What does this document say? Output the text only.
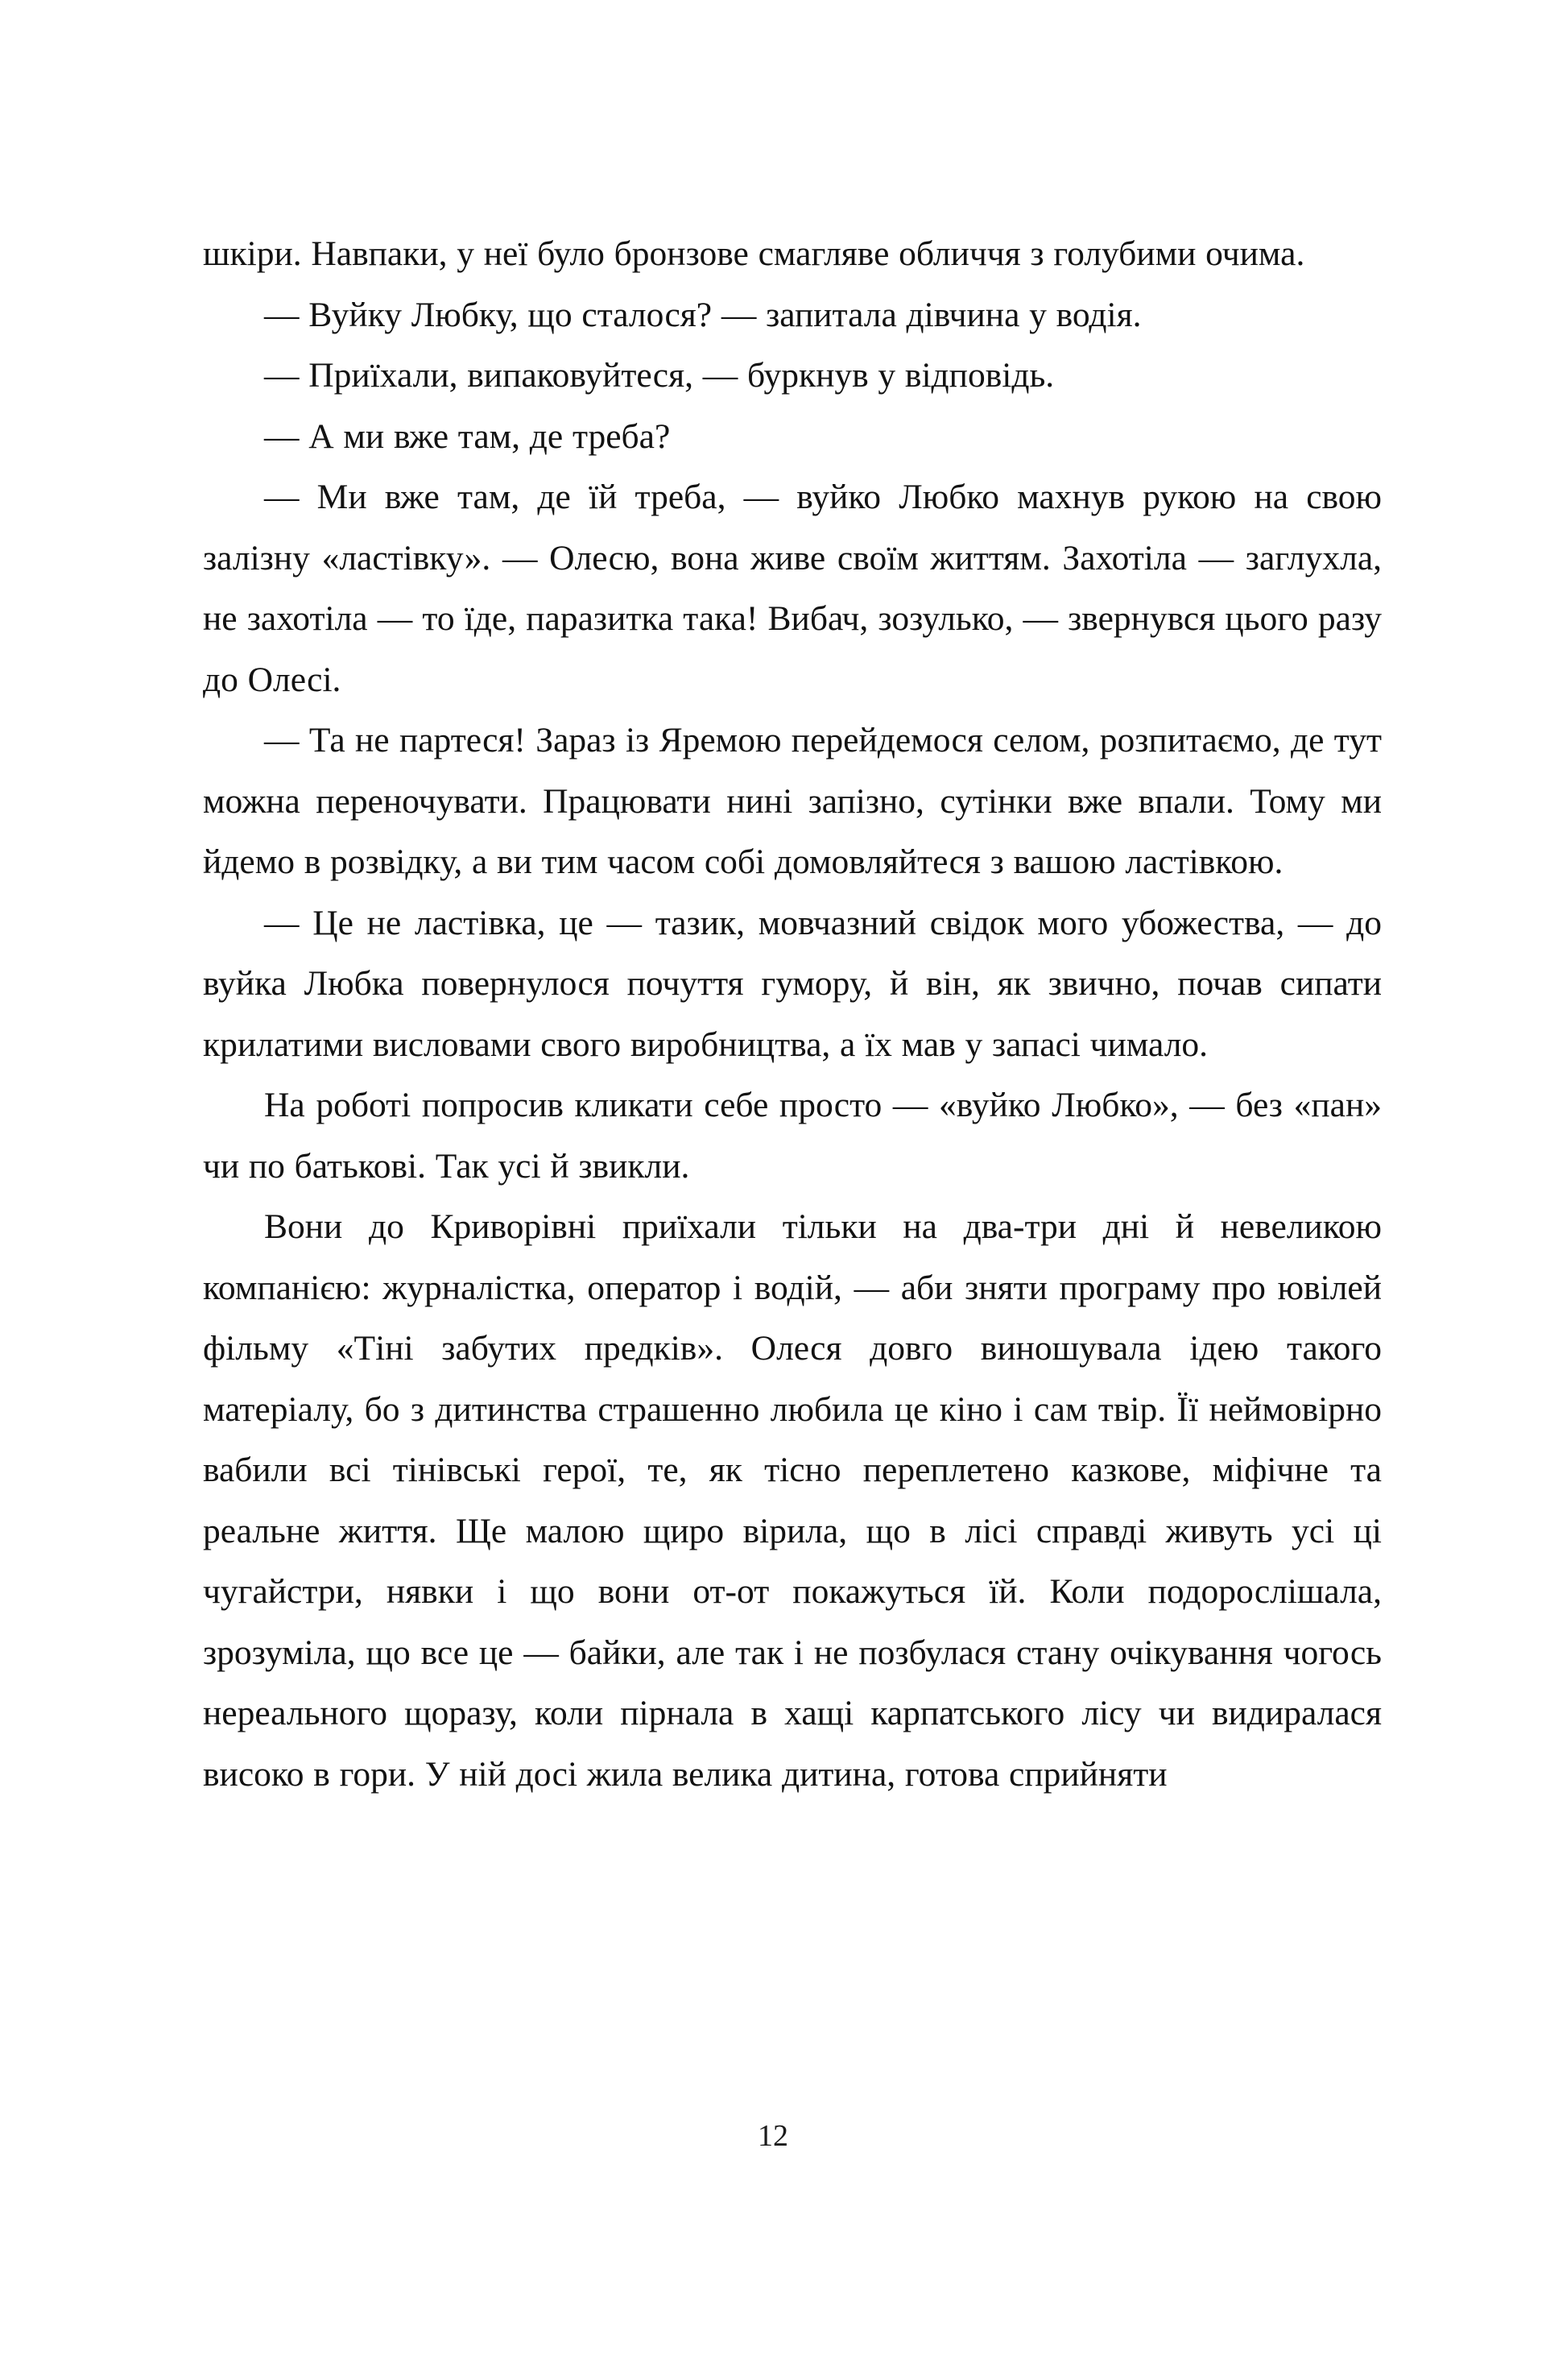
шкіри. Навпаки, у неї було бронзове смагляве обличчя з голубими очима.

— Вуйку Любку, що сталося? — запитала дівчина у водія.

— Приїхали, випаковуйтеся, — буркнув у відповідь.

— А ми вже там, де треба?

— Ми вже там, де їй треба, — вуйко Любко махнув рукою на свою залізну «ластівку». — Олесю, вона живе своїм життям. Захотіла — заглухла, не захотіла — то їде, паразитка така! Вибач, зозулько, — звернувся цього разу до Олесі.

— Та не партеся! Зараз із Яремою перейдемося селом, розпитаємо, де тут можна переночувати. Працювати нині запізно, сутінки вже впали. Тому ми йдемо в розвідку, а ви тим часом собі домовляйтеся з вашою ластівкою.

— Це не ластівка, це — тазик, мовчазний свідок мого убожества, — до вуйка Любка повернулося почуття гумору, й він, як звично, почав сипати крилатими висловами свого виробництва, а їх мав у запасі чимало.

На роботі попросив кликати себе просто — «вуйко Любко», — без «пан» чи по батькові. Так усі й звикли.

Вони до Криворівні приїхали тільки на два-три дні й невеликою компанією: журналістка, оператор і водій, — аби зняти програму про ювілей фільму «Тіні забутих предків». Олеся довго виношувала ідею такого матеріалу, бо з дитинства страшенно любила це кіно і сам твір. Її неймовірно вабили всі тінівські герої, те, як тісно переплетено казкове, міфічне та реальне життя. Ще малою щиро вірила, що в лісі справді живуть усі ці чугайстри, нявки і що вони от-от покажуться їй. Коли подорослішала, зрозуміла, що все це — байки, але так і не позбулася стану очікування чогось нереального щоразу, коли пірнала в хащі карпатського лісу чи видиралася високо в гори. У ній досі жила велика дитина, готова сприйняти

12
